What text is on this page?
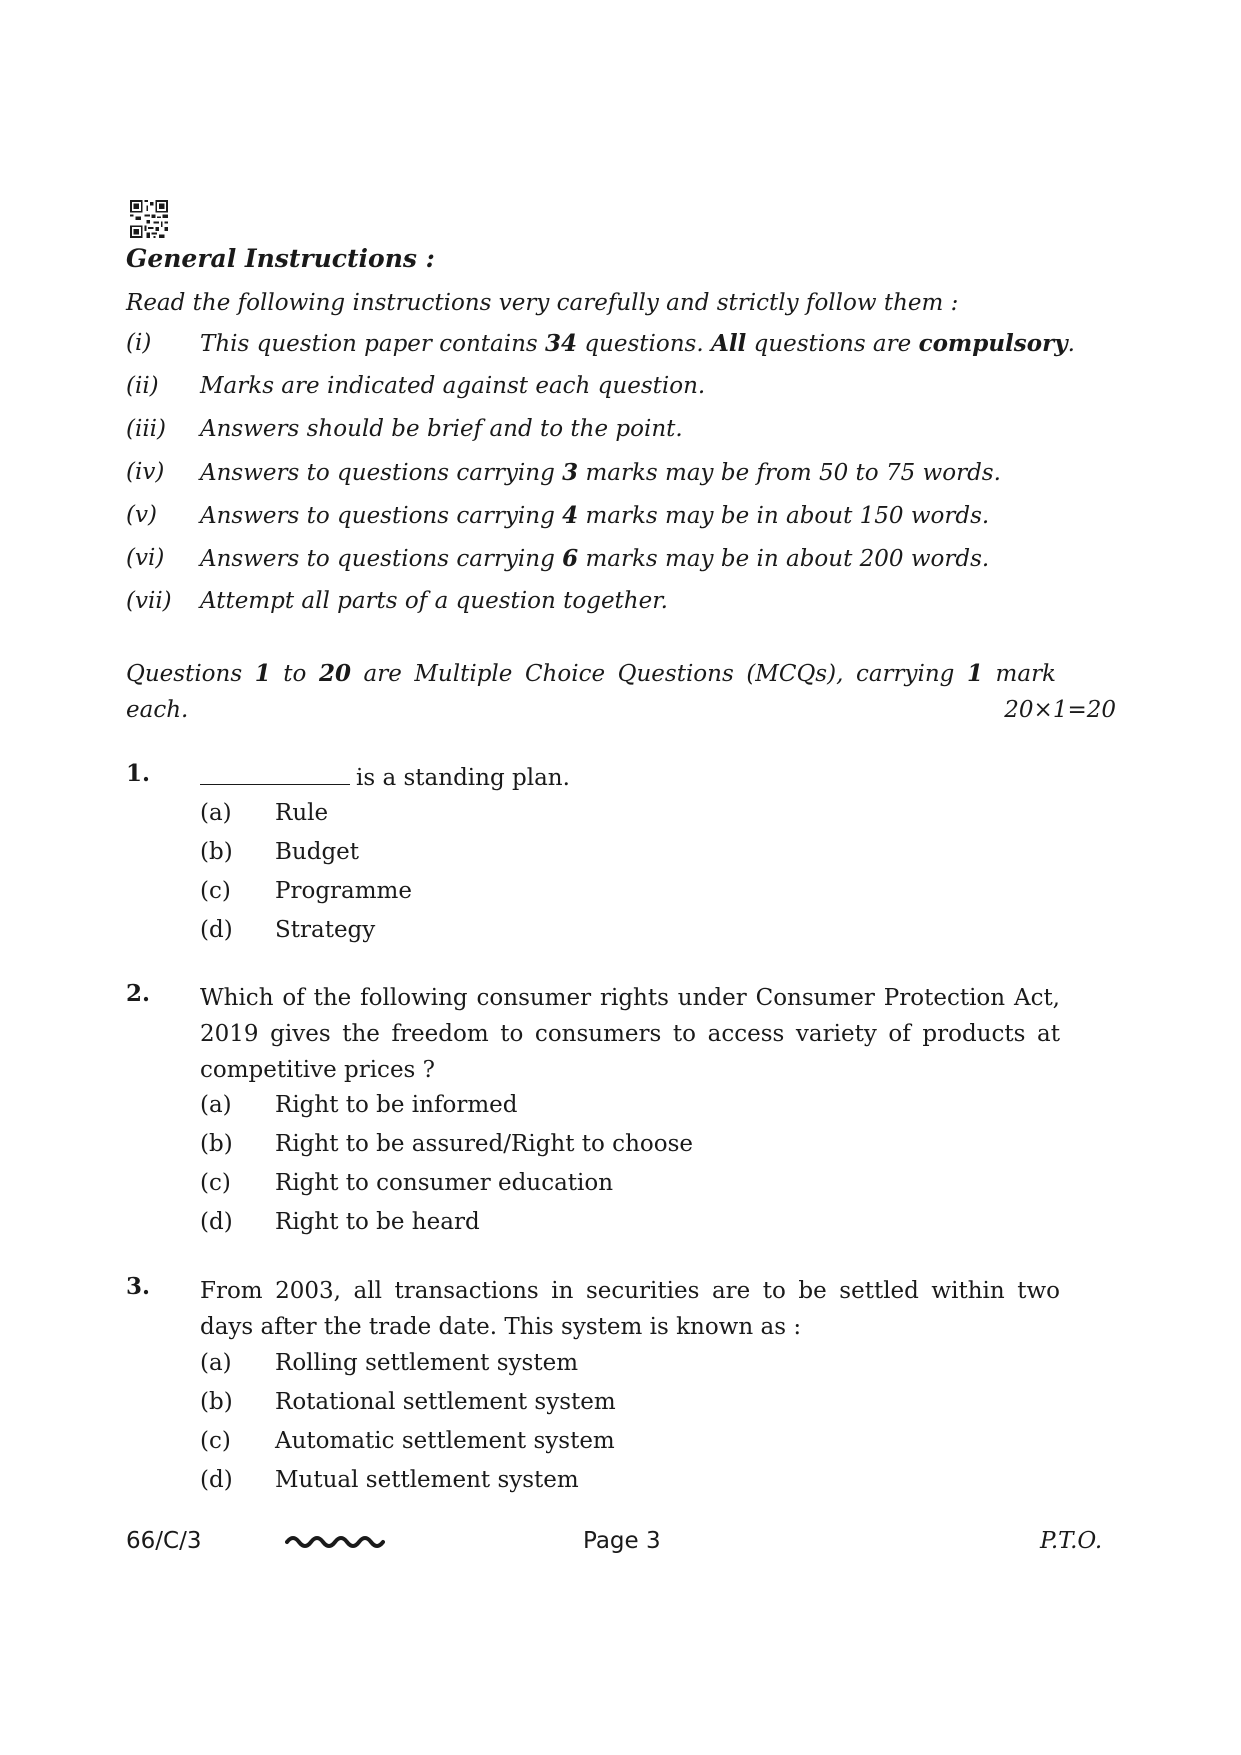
General Instructions :
Read the following instructions very carefully and strictly follow them :
(i) This question paper contains 34 questions. All questions are compulsory.
(ii) Marks are indicated against each question.
(iii) Answers should be brief and to the point.
(iv) Answers to questions carrying 3 marks may be from 50 to 75 words.
(v) Answers to questions carrying 4 marks may be in about 150 words.
(vi) Answers to questions carrying 6 marks may be in about 200 words.
(vii) Attempt all parts of a question together.
Questions 1 to 20 are Multiple Choice Questions (MCQs), carrying 1 mark
each.	20×1=20
1.	is a standing plan.
(a) Rule
(b) Budget
(c) Programme
(d) Strategy
2. Which of the following consumer rights under Consumer Protection Act, 2019 gives the freedom to consumers to access variety of products at competitive prices ?
(a) Right to be informed
(b) Right to be assured/Right to choose
(c) Right to consumer education
(d) Right to be heard
3. From 2003, all transactions in securities are to be settled within two days after the trade date. This system is known as :
(a) Rolling settlement system
(b) Rotational settlement system
(c) Automatic settlement system
(d) Mutual settlement system
66/C/3	Page 3	P.T.O.
